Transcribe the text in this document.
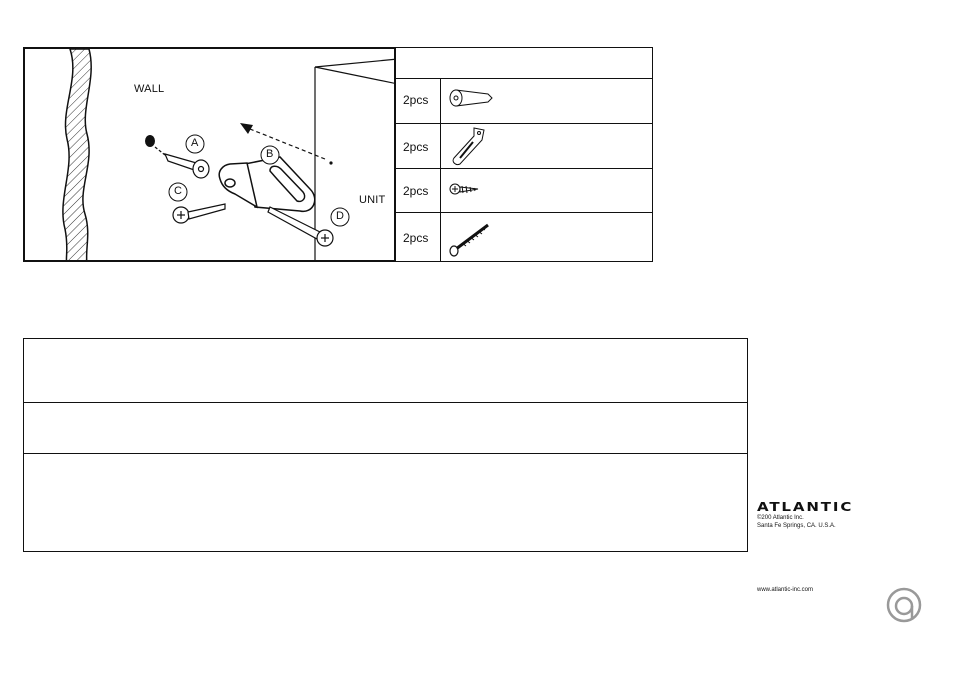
WALL
UNIT
A
B
C
D
2pcs
2pcs
2pcs
2pcs
ATLANTIC
©200 Atlantic Inc.
Santa Fe Springs, CA. U.S.A.
www.atlantic-inc.com
